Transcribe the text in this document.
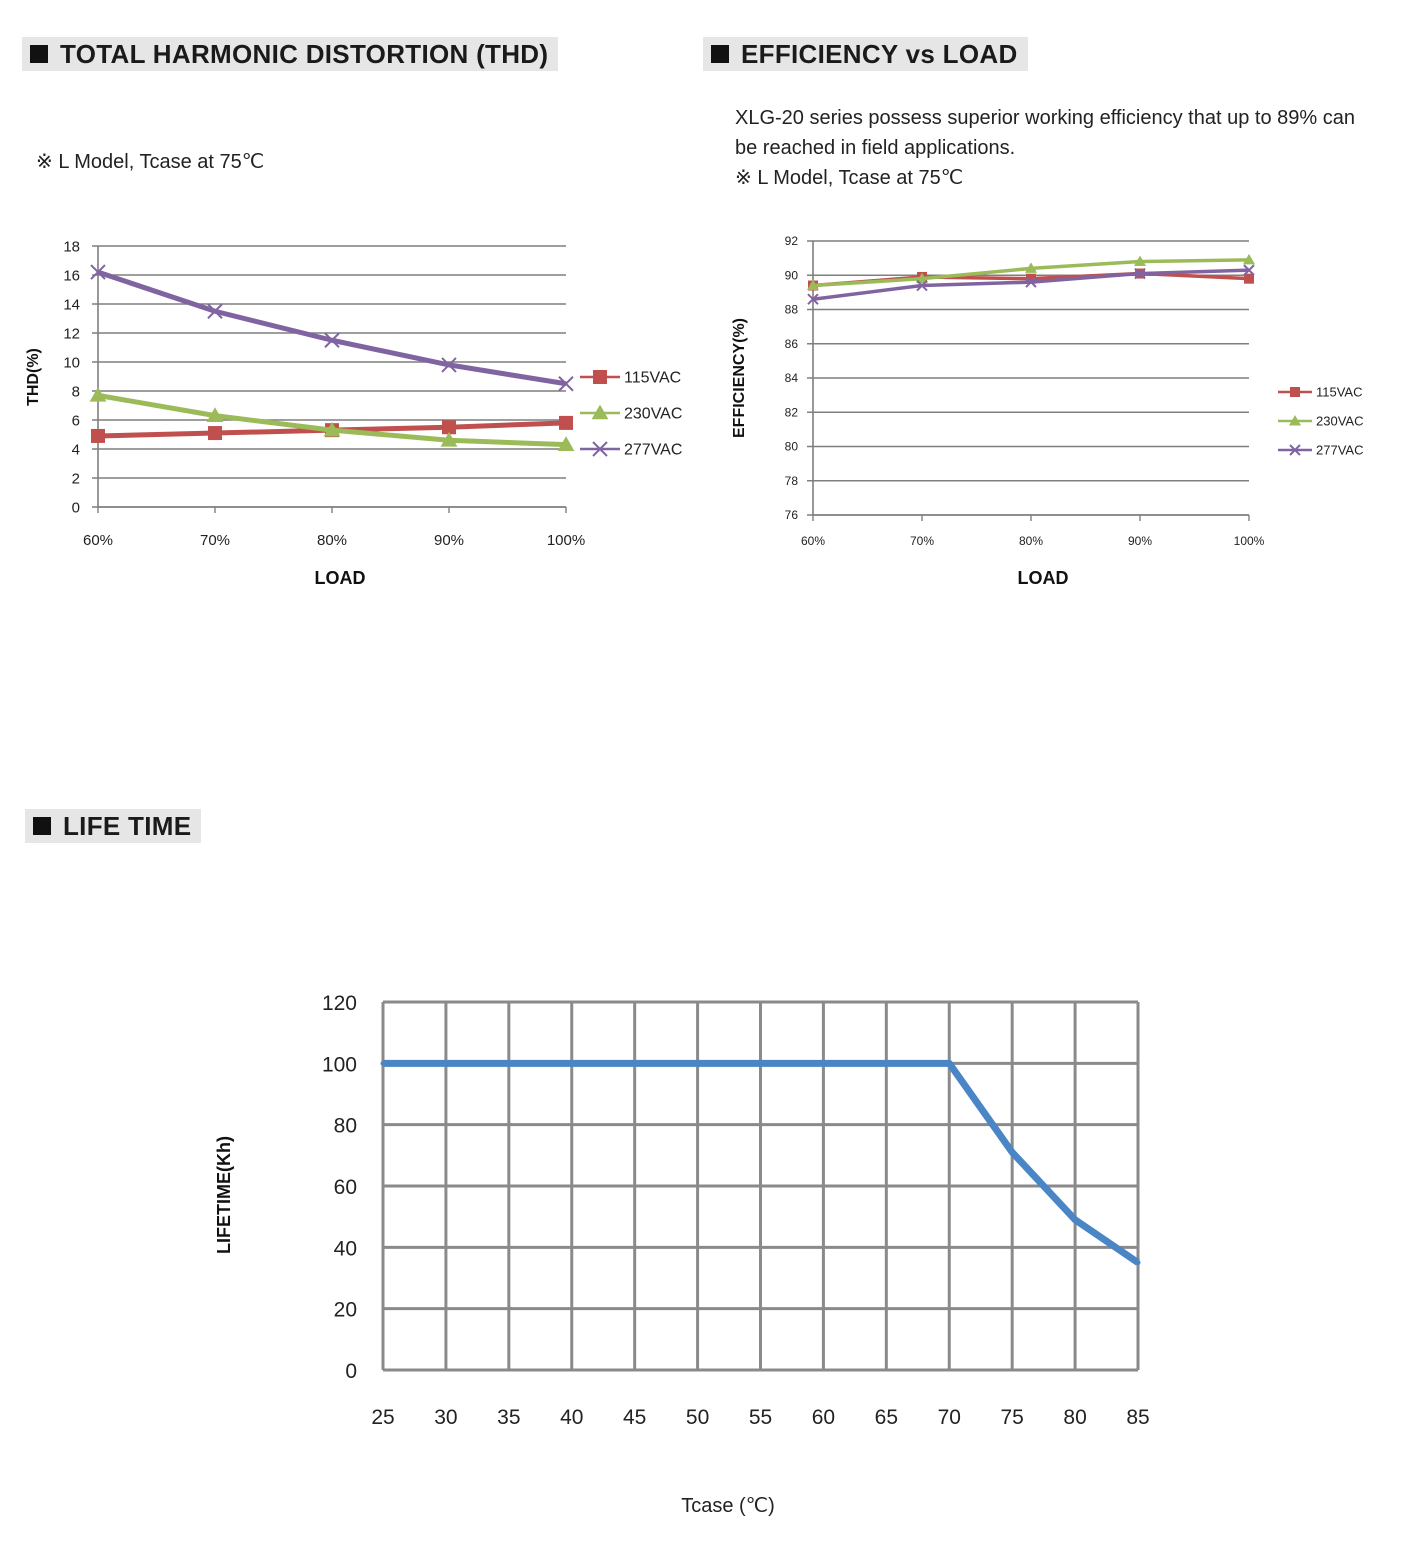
TOTAL HARMONIC DISTORTION (THD)	EFFICIENCY vs LOAD
LIFE TIME
※ L Model, Tcase at 75℃
XLG-20 series possess superior working efficiency that up to 89% can
be reached in field applications.
※ L Model, Tcase at 75℃
0
2
4
6
8
10
12
14
16
18
60%	70%	80%	90%	100%
115VAC
230VAC
277VAC
LOAD
THD(%)
76
78
80
82
84
86
88
90
92
60%	70%	80%	90%	100%
115VAC
230VAC
277VAC
LOAD
EFFICIENCY(%)
0
20
40
60
80
100
120
25 30 35 40 45 50 55 60 65 70 75 80 85
Tcase (℃)
LIFETIME(Kh)
